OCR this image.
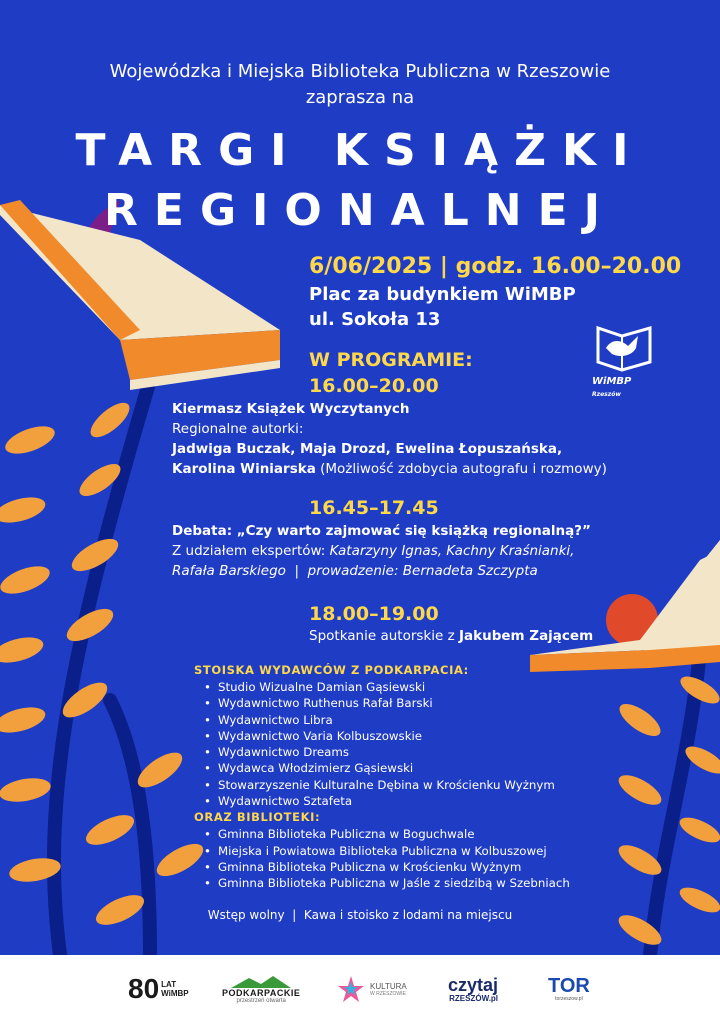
Wojewódzka i Miejska Biblioteka Publiczna w Rzeszowie
zaprasza na
TARGI KSIĄŻKI
REGIONALNEJ
6/06/2025 | godz. 16.00–20.00
Plac za budynkiem WiMBP
ul. Sokoła 13
WiMBP Rzeszów
W PROGRAMIE:
16.00–20.00
Kiermasz Książek Wyczytanych
Regionalne autorki:
Jadwiga Buczak, Maja Drozd, Ewelina Łopuszańska,
Karolina Winiarska (Możliwość zdobycia autografu i rozmowy)
16.45–17.45
Debata: „Czy warto zajmować się książką regionalną?”
Z udziałem ekspertów: Katarzyny Ignas, Kachny Kraśnianki,
Rafała Barskiego  |  prowadzenie: Bernadeta Szczypta
18.00–19.00
Spotkanie autorskie z Jakubem Zającem
STOISKA WYDAWCÓW Z PODKARPACIA:
• Studio Wizualne Damian Gąsiewski
• Wydawnictwo Ruthenus Rafał Barski
• Wydawnictwo Libra
• Wydawnictwo Varia Kolbuszowskie
• Wydawnictwo Dreams
• Wydawca Włodzimierz Gąsiewski
• Stowarzyszenie Kulturalne Dębina w Krościenku Wyżnym
• Wydawnictwo Sztafeta
ORAZ BIBLIOTEKI:
• Gminna Biblioteka Publiczna w Boguchwale
• Miejska i Powiatowa Biblioteka Publiczna w Kolbuszowej
• Gminna Biblioteka Publiczna w Krościenku Wyżnym
• Gminna Biblioteka Publiczna w Jaśle z siedzibą w Szebniach
Wstęp wolny  |  Kawa i stoisko z lodami na miejscu
80 LAT
WiMBP	PODKARPACKIE
przestrzeń otwarta
KULTURA
W RZESZOWIE czytaj
RZESZÓW.pl
TOR
torzeszow.pl
